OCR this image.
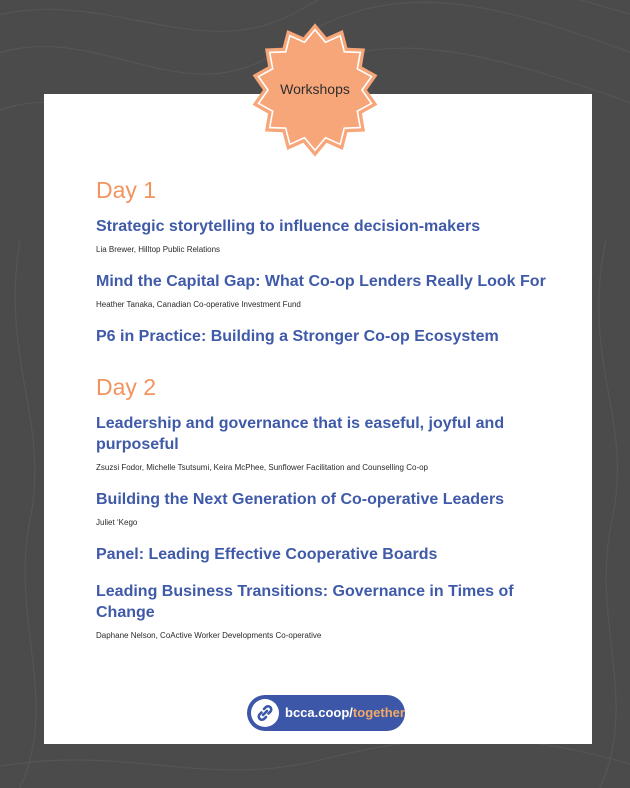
Workshops
Day 1
Strategic storytelling to influence decision-makers
Lia Brewer, Hilltop Public Relations
Mind the Capital Gap: What Co-op Lenders Really Look For
Heather Tanaka, Canadian Co-operative Investment Fund
P6 in Practice: Building a Stronger Co-op Ecosystem
Day 2
Leadership and governance that is easeful, joyful and purposeful
Zsuzsi Fodor, Michelle Tsutsumi, Keira McPhee, Sunflower Facilitation and Counselling Co-op
Building the Next Generation of Co-operative Leaders
Juliet ‘Kego
Panel: Leading Effective Cooperative Boards
Leading Business Transitions: Governance in Times of Change
Daphane Nelson, CoActive Worker Developments Co-operative
bcca.coop/together
